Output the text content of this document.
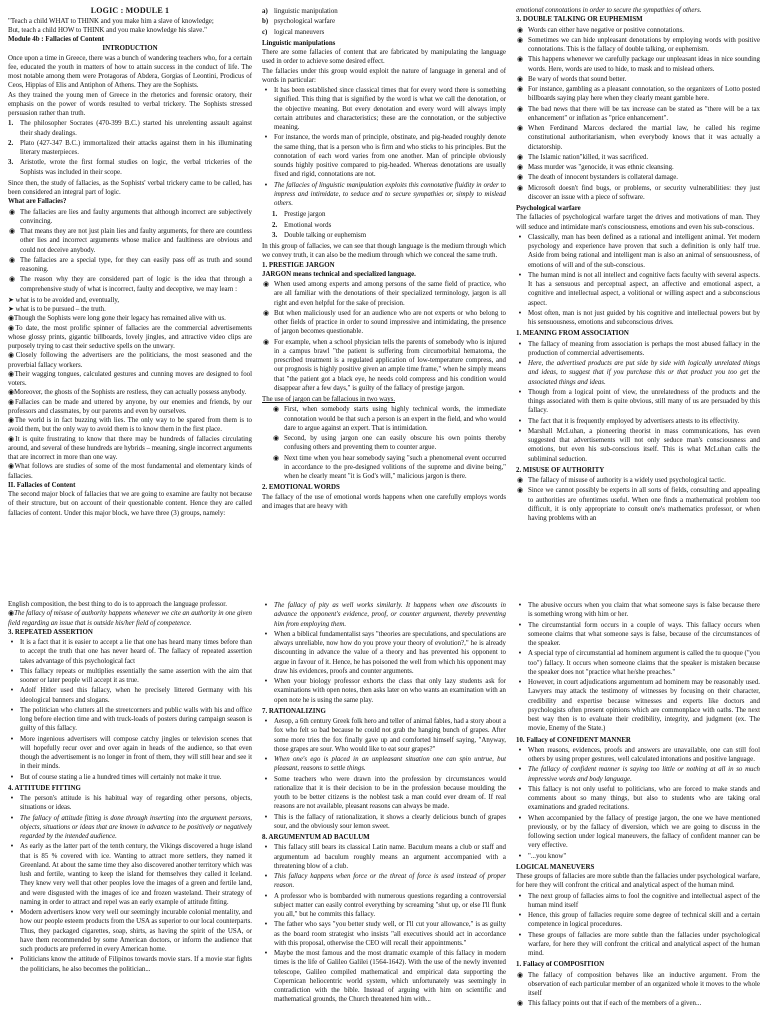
LOGIC : MODULE 1
"Teach a child WHAT to THINK and you make him a slave of knowledge;
But, teach a child HOW to THINK and you make knowledge his slave."
Module 4b : Fallacies of Content
INTRODUCTION

Once upon a time in Greece, there was a bunch of wandering teachers who, for a certain fee, educated the youth in matters of how to attain success in the conduct of life. The most notable among them were Protagoras of Abdera, Gorgias of Leontini, Prodicus of Ceos, Hippias of Elis and Antiphon of Athens. They are the Sophists.

As they trained the young men of Greece in the rhetorics and forensic oratory, their emphasis on the power of words resulted to verbal trickery. The Sophists stressed persuasion rather than truth.

1. The philosopher Socrates (470-399 B.C.) started his unrelenting assault against their shady dealings.
2. Plato (427-347 B.C.) immortalized their attacks against them in his illuminating literary masterpieces.
3. Aristotle, wrote the first formal studies on logic, the verbal trickeries of the Sophists was included in their scope.

Since then, the study of fallacies, as the Sophists' verbal trickery came to be called, has been considered an integral part of logic.

What are Fallacies?
◉ The fallacies are lies and faulty arguments that although incorrect are subjectively convincing.
◉ That means they are not just plain lies and faulty arguments, for there are countless other lies and incorrect arguments whose malice and faultiness are obvious and could not deceive anybody.
◉ The fallacies are a special type, for they can easily pass off as truth and sound reasoning.
◉ The reason why they are considered part of logic is the idea that through a comprehensive study of what is incorrect, faulty and deceptive, we may learn :
➤ what is to be avoided and, eventually,
➤ what is to be pursued – the truth.

◉Though the Sophists were long gone their legacy has remained alive with us.

◉To date, the most prolific spinner of fallacies are the commercial advertisements whose glossy prints, gigantic billboards, lovely jingles, and attractive video clips are purposely trying to cast their seductive spells on the unwary.

◉Closely following the advertisers are the politicians, the most seasoned and the proverbial fallacy workers.

◉Their wagging tongues, calculated gestures and cunning moves are designed to fool voters.

◉Moreover, the ghosts of the Sophists are restless, they can actually possess anybody.

◉Fallacies can be made and uttered by anyone, by our enemies and friends, by our professors and classmates, by our parents and even by ourselves.

◉The world is in fact buzzing with lies. The only way to be spared from them is to avoid them, but the only way to avoid them is to know them in the first place.

◉It is quite frustrating to know that there may be hundreds of fallacies circulating around, and several of these hundreds are hybrids – meaning, single incorrect arguments that are incorrect in more than one way.

◉What follows are studies of some of the most fundamental and elementary kinds of fallacies.

II. Fallacies of Content

The second major block of fallacies that we are going to examine are faulty not because of their structure, but on account of their questionable content. Hence they are called fallacies of content. Under this major block, we have three (3) groups, namely:

a) linguistic manipulation
b) psychological warfare
c) logical maneuvers
Linguistic manipulations

There are some fallacies of content that are fabricated by manipulating the language used in order to achieve some desired effect.

The fallacies under this group would exploit the nature of language in general and of words in particular:

• It has been established since classical times that for every word there is something signified. This thing that is signified by the word is what we call the denotation, or the objective meaning. But every denotation and every word will always imply certain attributes and characteristics; these are the connotation, or the subjective meaning.
• For instance, the words man of principle, obstinate, and pig-headed roughly denote the same thing, that is a person who is firm and who sticks to his principles. But the connotation of each word varies from one another. Man of principle obviously sounds highly positive compared to pig-headed. Whereas denotations are usually fixed and rigid, connotations are not.
• The fallacies of linguistic manipulation exploits this connotative fluidity in order to impress and intimidate, to seduce and to secure sympathies or, simply to mislead others.
1. Prestige jargon
2. Emotional words
3. Double talking or euphemism

In this group of fallacies, we can see that though language is the medium through which we convey truth, it can also be the medium through which we conceal the same truth.

1. PRESTIGE JARGON
JARGON means technical and specialized language.
◉ When used among experts and among persons of the same field of practice, who are all familiar with the denotations of their specialized terminology, jargon is all right and even helpful for the sake of precision.
◉ But when maliciously used for an audience who are not experts or who belong to other fields of practice in order to sound impressive and intimidating, the presence of jargon becomes questionable.
◉ For example, when a school physician tells the parents of somebody who is injured in a campus brawl "the patient is suffering from circumorbital hematoma, the prescribed treatment is a regulated application of low-temperature compress, and our prognosis is highly positive given an ample time frame," when he simply means that "the patient got a black eye, he needs cold compress and his condition would disappear after a few days," is guilty of the fallacy of prestige jargon.
The use of jargon can be fallacious in two ways.
◉ First, when somebody starts using highly technical words, the immediate connotation would be that such a person is an expert in the field, and who would dare to argue against an expert. That is intimidation.
◉ Second, by using jargon one can easily obscure his own points thereby confusing others and preventing them to counter argue.
◉ Next time when you hear somebody saying "such a phenomenal event occurred in accordance to the pre-designed volitions of the supreme and divine being," when he clearly meant "it is God's will," malicious jargon is there.
2. EMOTIONAL WORDS

The fallacy of the use of emotional words happens when one carefully employs words and images that are heavy with

emotional connotations in order to secure the sympathies of others.

3. DOUBLE TALKING OR EUPHEMISM
◉ Words can either have negative or positive connotations.
◉ Sometimes we can hide unpleasant denotations by employing words with positive connotations. This is the fallacy of double talking, or euphemism.
◉ This happens whenever we carefully package our unpleasant ideas in nice sounding words. Here, words are used to hide, to mask and to mislead others.
◉ Be wary of words that sound better.
◉ For instance, gambling as a pleasant connotation, so the organizers of Lotto posted billboards saying play here when they clearly meant gamble here.
◉ The bad news that there will be tax increase can be stated as "there will be a tax enhancement" or inflation as "price enhancement".
◉ When Ferdinand Marcos declared the martial law, he called his regime constitutional authoritarianism, when everybody knows that it was actually a dictatorship.
◉ The Islamic nation"killed, it was sacrificed.
◉ Mass murder was "genocide, it was ethnic cleansing.
◉ The death of innocent bystanders is collateral damage.
◉ Microsoft doesn't find bugs, or problems, or security vulnerabilities: they just discover an issue with a piece of software.
Psychological warfare

The fallacies of psychological warfare target the drives and motivations of man. They will seduce and intimidate man's consciousness, emotions and even his sub-conscious.

• Classically, man has been defined as a rational and intelligent animal. Yet modern psychology and experience have proven that such a definition is only half true. Aside from being rational and intelligent man is also an animal of sensuousness, of emotions of will and of the sub-conscious.
• The human mind is not all intellect and cognitive facts faculty with several aspects. It has a sensuous and perceptual aspect, an affective and emotional aspect, a cognitive and intellectual aspect, a volitional or willing aspect and a subconscious aspect.
• Most often, man is not just guided by his cognitive and intellectual powers but by his sensuousness, emotions and subconscious drives.
1. MEANING FROM ASSOCIATION
• The fallacy of meaning from association is perhaps the most abused fallacy in the production of commercial advertisements.
• Here, the advertised products are put side by side with logically unrelated things and ideas, to suggest that if you purchase this or that product you too get the associated things and ideas.
• Though from a logical point of view, the unrelatedness of the products and the things associated with them is quite obvious, still many of us are persuaded by this fallacy.
• The fact that it is frequently employed by advertisers attests to its effectivity.
• Marshall McLuhan, a pioneering theorist in mass communications, has even suggested that advertisements will not only seduce man's consciousness and emotions, but even his sub-conscious itself. This is what McLuhan calls the subliminal seduction.
2. MISUSE OF AUTHORITY
◉ The fallacy of misuse of authority is a widely used psychological tactic.
◉ Since we cannot possibly be experts in all sorts of fields, consulting and appealing to authorities are oftentimes useful. When one finds a mathematical problem too difficult, it is only appropriate to consult one's mathematics professor, or when having problems with an

English composition, the best thing to do is to approach the language professor.

◉The fallacy of misuse of authority happens whenever we cite an authority in one given field regarding an issue that is outside his/her field of competence.

3. REPEATED ASSERTION
• It is a fact that it is easier to accept a lie that one has heard many times before than to accept the truth that one has never heard of. The fallacy of repeated assertion takes advantage of this psychological fact
• This fallacy repeats or multiplies essentially the same assertion with the aim that sooner or later people will accept it as true.
• Adolf Hitler used this fallacy, when he precisely littered Germany with his ideological banners and slogans.
• The politician who clutters all the streetcorners and public walls with his and office long before election time and with truck-loads of posters during campaign season is guilty of this fallacy.
• More ingenious advertisers will compose catchy jingles or television scenes that will hopefully recur over and over again in heads of the audience, so that even though the advertisement is no longer in front of them, they will still hear and see it in their minds.
• But of course stating a lie a hundred times will certainly not make it true.
4. ATTITUDE FITTING
• The person's attitude is his habitual way of regarding other persons, objects, situations or ideas.
• The fallacy of attitude fitting is done through inserting into the argument persons, objects, situations or ideas that are known in advance to be positively or negatively regarded by the intended audience.
• As early as the latter part of the tenth century, the Vikings discovered a huge island that is 85 % covered with ice. Wanting to attract more settlers, they named it Greenland. At about the same time they also discovered another territory which was lush and fertile, wanting to keep the island for themselves they called it Iceland. They knew very well that other peoples love the images of a green and fertile land, and were disgusted with the images of ice and frozen wasteland. Their strategy of naming in order to attract and repel was an early example of attitude fitting.
• Modern advertisers know very well our seemingly incurable colonial mentality, and how our people esteem products from the USA as superior to our local counterparts. Thus, they packaged cigarettes, soap, shirts, as having the spirit of the USA, or have them recommended by some American doctors, or inform the audience that such products are preferred in every American home.
• Politicians know the attitude of Filipinos towards movie stars. If a movie star fights the politicians, he also becomes the politician...
• The fallacy of pity as well works similarly. It happens when one discounts in advance the opponent's evidence, proof, or counter argument, thereby preventing him from employing them.
• When a biblical fundamentalist says "theories are speculations, and speculations are always unreliable, now how do you prove your theory of evolution?," he is already discounting in advance the value of a theory and has prevented his opponent to argue in favour of it. Hence, he has poisoned the well from which his opponent may draw his evidences, proofs and counter arguments.
• When your biology professor exhorts the class that only lazy students ask for examinations with open notes, then asks later on who wants an examination with an open note he is using the same play.
7. RATIONALIZING
• Aesop, a 6th century Greek folk hero and teller of animal fables, had a story about a fox who felt so bad because he could not grab the hanging bunch of grapes. After some more tries the fox finally gave up and comforted himself saying, "Anyway, those grapes are sour. Who would like to eat sour grapes?"
• When one's ego is placed in an unpleasant situation one can spin untrue, but pleasant, reasons to settle things.
• Some teachers who were drawn into the profession by circumstances would rationalize that it is their decision to be in the profession because moulding the youth to be better citizens is the noblest task a man could ever dream of. If real reasons are not available, pleasant reasons can always be made.
• This is the fallacy of rationalization, it shows a clearly delicious bunch of grapes sour, and the obviously sour lemon sweet.
8. ARGUMENTUM AD BACULUM
• This fallacy still bears its classical Latin name. Baculum means a club or staff and argumentum ad baculum roughly means an argument accompanied with a threatening blow of a club.
• This fallacy happens when force or the threat of force is used instead of proper reason.
• A professor who is bombarded with numerous questions regarding a controversial subject matter can easily control everything by screaming "shut up, or else I'll flunk you all," but he commits this fallacy.
• The father who says "you better study well, or I'll cut your allowance," is as guilty as the board room strategist who insists "all executives should act in accordance with this proposal, otherwise the CEO will recall their appointments."
• Maybe the most famous and the most dramatic example of this fallacy in modern times is the life of Galileo Galilei (1564-1642). With the use of the newly invented telescope, Galileo compiled mathematical and empirical data supporting the Copernican heliocentric world system, which unfortunately was seemingly in contradiction with the bible. Instead of arguing with him on scientific and mathematical grounds, the Church threatened him with...
• The abusive occurs when you claim that what someone says is false because there is something wrong with him or her.
• The circumstantial form occurs in a couple of ways. This fallacy occurs when someone claims that what someone says is false, because of the circumstances of the speaker.
• A special type of circumstantial ad hominem argument is called the tu quoque ("you too") fallacy. It occurs when someone claims that the speaker is mistaken because the speaker does not "practice what he/she preaches."
• However, in court adjudications argumentum ad hominem may be reasonably used. Lawyers may attack the testimony of witnesses by focusing on their character, credibility and expertise because witnesses and experts like doctors and psychologists often present opinions which are commonplace with oaths. The next best way then is to evaluate their credibility, integrity, and judgment (ex. The movie, Enemy of the State.)
10. Fallacy of CONFIDENT MANNER
• When reasons, evidences, proofs and answers are unavailable, one can still fool others by using proper gestures, well calculated intonations and positive language.
• The fallacy of confident manner is saying too little or nothing at all in so much impressive words and body language.
• This fallacy is not only useful to politicians, who are forced to make stands and comments about so many things, but also to students who are taking oral examinations and graded recitations.
• When accompanied by the fallacy of prestige jargon, the one we have mentioned previously, or by the fallacy of diversion, which we are going to discuss in the following section under logical maneuvers, the fallacy of confident manner can be very effective.
• "...you know"
LOGICAL MANEUVERS

These groups of fallacies are more subtle than the fallacies under psychological warfare, for here they will confront the critical and analytical aspect of the human mind.

• The next group of fallacies aims to fool the cognitive and intellectual aspect of the human mind itself
• Hence, this group of fallacies require some degree of technical skill and a certain competence in logical procedures.
• These groups of fallacies are more subtle than the fallacies under psychological warfare, for here they will confront the critical and analytical aspect of the human mind.
1. Fallacy of COMPOSITION
◉ The fallacy of composition behaves like an inductive argument. From the observation of each particular member of an organized whole it moves to the whole itself
◉ This fallacy points out that if each of the members of a given...
